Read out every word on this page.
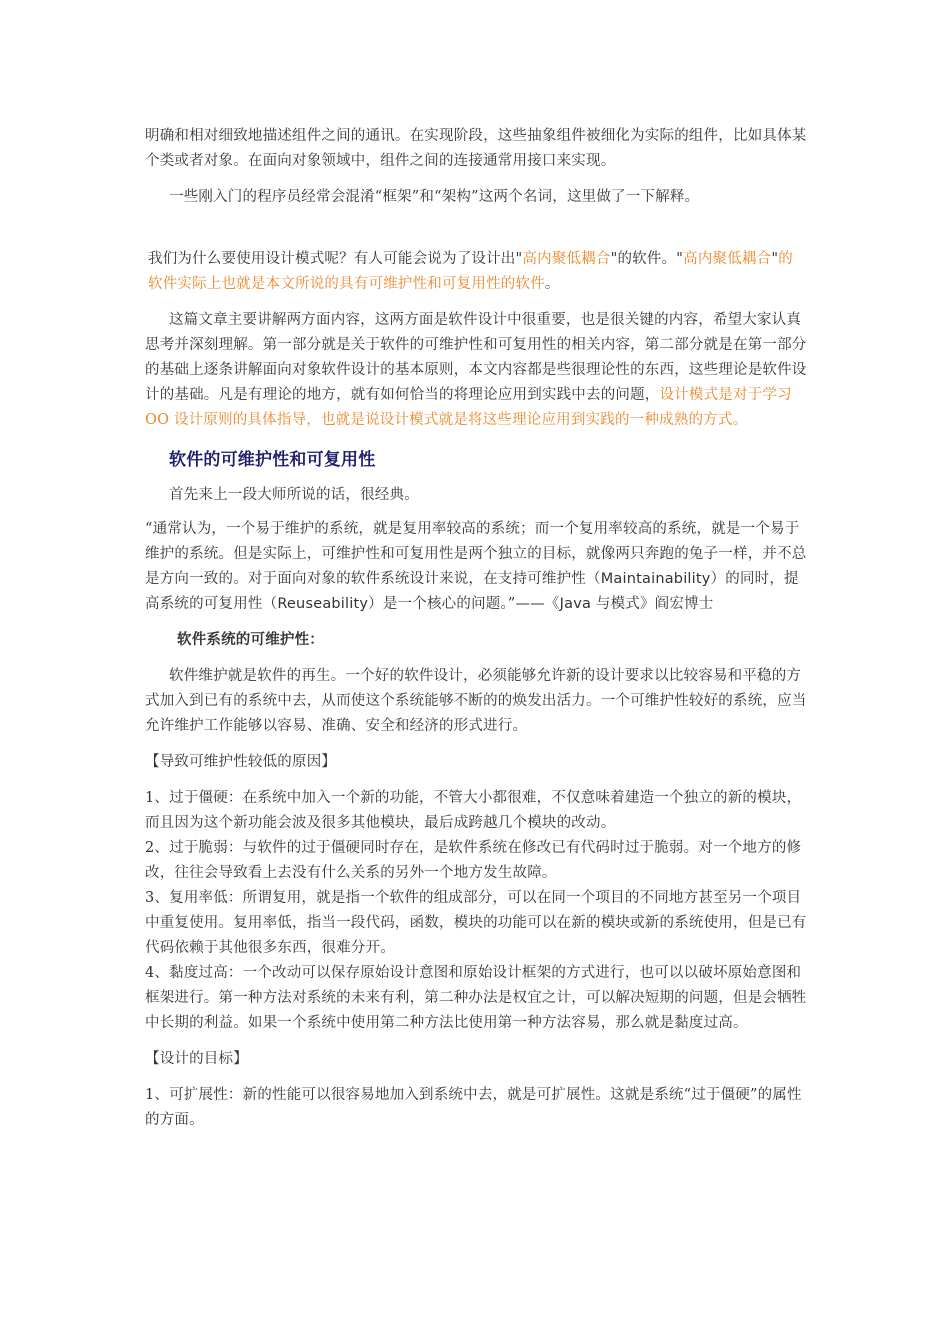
明确和相对细致地描述组件之间的通讯。在实现阶段，这些抽象组件被细化为实际的组件，比如具体某个类或者对象。在面向对象领域中，组件之间的连接通常用接口来实现。

一些刚入门的程序员经常会混淆“框架”和“架构”这两个名词，这里做了一下解释。

我们为什么要使用设计模式呢？有人可能会说为了设计出"高内聚低耦合"的软件。"高内聚低耦合"的软件实际上也就是本文所说的具有可维护性和可复用性的软件。

这篇文章主要讲解两方面内容，这两方面是软件设计中很重要，也是很关键的内容，希望大家认真思考并深刻理解。第一部分就是关于软件的可维护性和可复用性的相关内容，第二部分就是在第一部分的基础上逐条讲解面向对象软件设计的基本原则，本文内容都是些很理论性的东西，这些理论是软件设计的基础。凡是有理论的地方，就有如何恰当的将理论应用到实践中去的问题，设计模式是对于学习 OO 设计原则的具体指导，也就是说设计模式就是将这些理论应用到实践的一种成熟的方式。

软件的可维护性和可复用性

首先来上一段大师所说的话，很经典。

“通常认为，一个易于维护的系统，就是复用率较高的系统；而一个复用率较高的系统，就是一个易于维护的系统。但是实际上，可维护性和可复用性是两个独立的目标，就像两只奔跑的兔子一样，并不总是方向一致的。对于面向对象的软件系统设计来说，在支持可维护性（Maintainability）的同时，提高系统的可复用性（Reuseability）是一个核心的问题。”——《Java 与模式》阎宏博士

软件系统的可维护性：

软件维护就是软件的再生。一个好的软件设计，必须能够允许新的设计要求以比较容易和平稳的方式加入到已有的系统中去，从而使这个系统能够不断的的焕发出活力。一个可维护性较好的系统，应当允许维护工作能够以容易、准确、安全和经济的形式进行。

【导致可维护性较低的原因】

1、过于僵硬：在系统中加入一个新的功能，不管大小都很难，不仅意味着建造一个独立的新的模块，而且因为这个新功能会波及很多其他模块，最后成跨越几个模块的改动。

2、过于脆弱：与软件的过于僵硬同时存在，是软件系统在修改已有代码时过于脆弱。对一个地方的修改，往往会导致看上去没有什么关系的另外一个地方发生故障。

3、复用率低：所谓复用，就是指一个软件的组成部分，可以在同一个项目的不同地方甚至另一个项目中重复使用。复用率低，指当一段代码，函数，模块的功能可以在新的模块或新的系统使用，但是已有代码依赖于其他很多东西，很难分开。

4、黏度过高：一个改动可以保存原始设计意图和原始设计框架的方式进行，也可以以破坏原始意图和框架进行。第一种方法对系统的未来有利，第二种办法是权宜之计，可以解决短期的问题，但是会牺牲中长期的利益。如果一个系统中使用第二种方法比使用第一种方法容易，那么就是黏度过高。

【设计的目标】

1、可扩展性：新的性能可以很容易地加入到系统中去，就是可扩展性。这就是系统“过于僵硬”的属性的方面。
